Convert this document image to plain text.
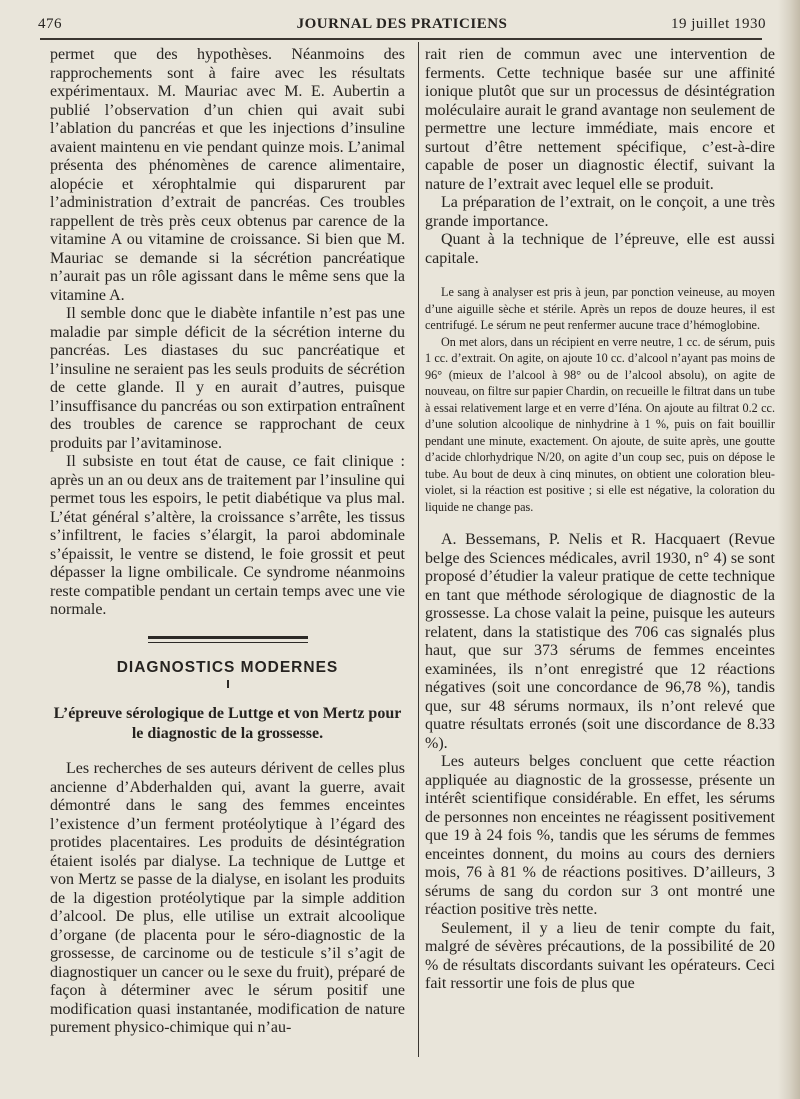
476	JOURNAL DES PRATICIENS	19 juillet 1930

permet que des hypothèses. Néanmoins des rapprochements sont à faire avec les résultats expérimentaux. M. Mauriac avec M. E. Aubertin a publié l’observation d’un chien qui avait subi l’ablation du pancréas et que les injections d’insuline avaient maintenu en vie pendant quinze mois. L’animal présenta des phénomènes de carence alimentaire, alopécie et xérophtalmie qui disparurent par l’administration d’extrait de pancréas. Ces troubles rappellent de très près ceux obtenus par carence de la vitamine A ou vitamine de croissance. Si bien que M. Mauriac se demande si la sécrétion pancréatique n’aurait pas un rôle agissant dans le même sens que la vitamine A.

Il semble donc que le diabète infantile n’est pas une maladie par simple déficit de la sécrétion interne du pancréas. Les diastases du suc pancréatique et l’insuline ne seraient pas les seuls produits de sécrétion de cette glande. Il y en aurait d’autres, puisque l’insuffisance du pancréas ou son extirpation entraînent des troubles de carence se rapprochant de ceux produits par l’avitaminose.

Il subsiste en tout état de cause, ce fait clinique : après un an ou deux ans de traitement par l’insuline qui permet tous les espoirs, le petit diabétique va plus mal. L’état général s’altère, la croissance s’arrête, les tissus s’infiltrent, le facies s’élargit, la paroi abdominale s’épaissit, le ventre se distend, le foie grossit et peut dépasser la ligne ombilicale. Ce syndrome néanmoins reste compatible pendant un certain temps avec une vie normale.

DIAGNOSTICS MODERNES

L’épreuve sérologique de Luttge et von Mertz pour le diagnostic de la grossesse.

Les recherches de ses auteurs dérivent de celles plus ancienne d’Abderhalden qui, avant la guerre, avait démontré dans le sang des femmes enceintes l’existence d’un ferment protéolytique à l’égard des protides placentaires. Les produits de désintégration étaient isolés par dialyse. La technique de Luttge et von Mertz se passe de la dialyse, en isolant les produits de la digestion protéolytique par la simple addition d’alcool. De plus, elle utilise un extrait alcoolique d’organe (de placenta pour le séro-diagnostic de la grossesse, de carcinome ou de testicule s’il s’agit de diagnostiquer un cancer ou le sexe du fruit), préparé de façon à déterminer avec le sérum positif une modification quasi instantanée, modification de nature purement physico-chimique qui n’au-

rait rien de commun avec une intervention de ferments. Cette technique basée sur une affinité ionique plutôt que sur un processus de désintégration moléculaire aurait le grand avantage non seulement de permettre une lecture immédiate, mais encore et surtout d’être nettement spécifique, c’est-à-dire capable de poser un diagnostic électif, suivant la nature de l’extrait avec lequel elle se produit.

La préparation de l’extrait, on le conçoit, a une très grande importance.

Quant à la technique de l’épreuve, elle est aussi capitale.

Le sang à analyser est pris à jeun, par ponction veineuse, au moyen d’une aiguille sèche et stérile. Après un repos de douze heures, il est centrifugé. Le sérum ne peut renfermer aucune trace d’hémoglobine.

On met alors, dans un récipient en verre neutre, 1 cc. de sérum, puis 1 cc. d’extrait. On agite, on ajoute 10 cc. d’alcool n’ayant pas moins de 96° (mieux de l’alcool à 98° ou de l’alcool absolu), on agite de nouveau, on filtre sur papier Chardin, on recueille le filtrat dans un tube à essai relativement large et en verre d’Iéna. On ajoute au filtrat 0.2 cc. d’une solution alcoolique de ninhydrine à 1 %, puis on fait bouillir pendant une minute, exactement. On ajoute, de suite après, une goutte d’acide chlorhydrique N/20, on agite d’un coup sec, puis on dépose le tube. Au bout de deux à cinq minutes, on obtient une coloration bleu-violet, si la réaction est positive ; si elle est négative, la coloration du liquide ne change pas.

A. Bessemans, P. Nelis et R. Hacquaert (Revue belge des Sciences médicales, avril 1930, n° 4) se sont proposé d’étudier la valeur pratique de cette technique en tant que méthode sérologique de diagnostic de la grossesse. La chose valait la peine, puisque les auteurs relatent, dans la statistique des 706 cas signalés plus haut, que sur 373 sérums de femmes enceintes examinées, ils n’ont enregistré que 12 réactions négatives (soit une concordance de 96,78 %), tandis que, sur 48 sérums normaux, ils n’ont relevé que quatre résultats erronés (soit une discordance de 8.33 %).

Les auteurs belges concluent que cette réaction appliquée au diagnostic de la grossesse, présente un intérêt scientifique considérable. En effet, les sérums de personnes non enceintes ne réagissent positivement que 19 à 24 fois %, tandis que les sérums de femmes enceintes donnent, du moins au cours des derniers mois, 76 à 81 % de réactions positives. D’ailleurs, 3 sérums de sang du cordon sur 3 ont montré une réaction positive très nette.

Seulement, il y a lieu de tenir compte du fait, malgré de sévères précautions, de la possibilité de 20 % de résultats discordants suivant les opérateurs. Ceci fait ressortir une fois de plus que
